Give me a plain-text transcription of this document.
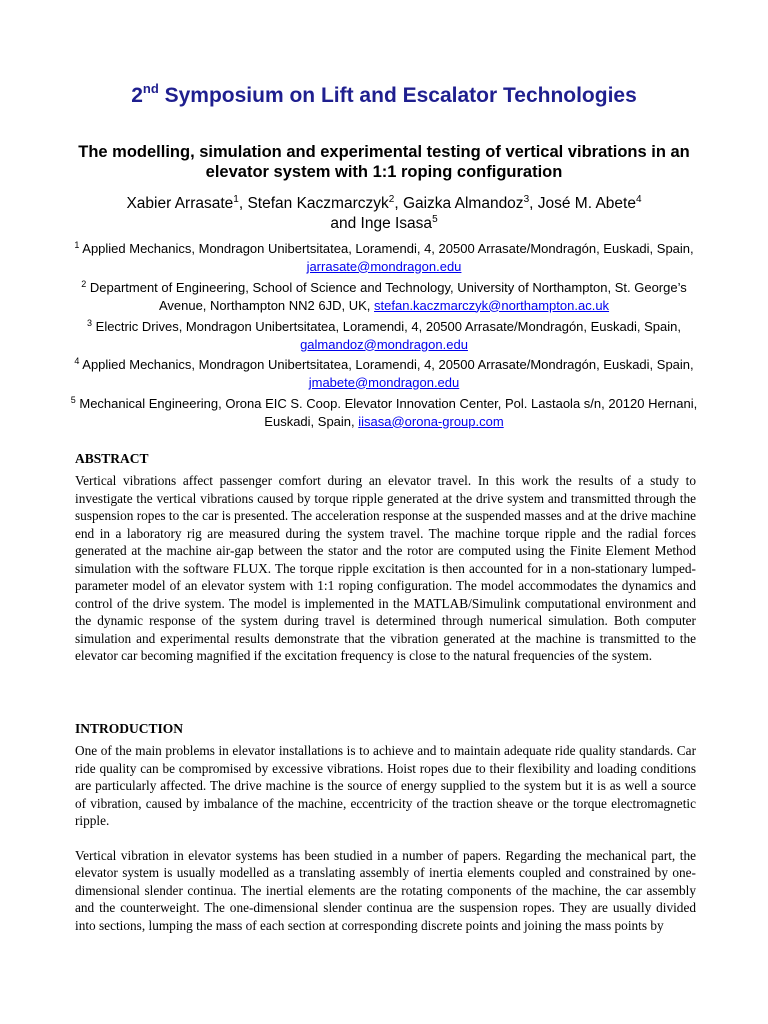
2nd Symposium on Lift and Escalator Technologies
The modelling, simulation and experimental testing of vertical vibrations in an elevator system with 1:1 roping configuration
Xabier Arrasate$^1$, Stefan Kaczmarczyk$^2$, Gaizka Almandoz$^3$, José M. Abete$^4$
and Inge Isasa$^5$
$^1$ Applied Mechanics, Mondragon Unibertsitatea, Loramendi, 4, 20500 Arrasate/Mondragón, Euskadi, Spain, jarrasate@mondragon.edu
$^2$ Department of Engineering, School of Science and Technology, University of Northampton, St. George’s Avenue, Northampton NN2 6JD, UK, stefan.kaczmarczyk@northampton.ac.uk
$^3$ Electric Drives, Mondragon Unibertsitatea, Loramendi, 4, 20500 Arrasate/Mondragón, Euskadi, Spain, galmandoz@mondragon.edu
$^4$ Applied Mechanics, Mondragon Unibertsitatea, Loramendi, 4, 20500 Arrasate/Mondragón, Euskadi, Spain, jmabete@mondragon.edu
$^5$ Mechanical Engineering, Orona EIC S. Coop. Elevator Innovation Center, Pol. Lastaola s/n, 20120 Hernani, Euskadi, Spain, iisasa@orona-group.com
ABSTRACT

Vertical vibrations affect passenger comfort during an elevator travel. In this work the results of a study to investigate the vertical vibrations caused by torque ripple generated at the drive system and transmitted through the suspension ropes to the car is presented. The acceleration response at the suspended masses and at the drive machine end in a laboratory rig are measured during the system travel. The machine torque ripple and the radial forces generated at the machine air-gap between the stator and the rotor are computed using the Finite Element Method simulation with the software FLUX. The torque ripple excitation is then accounted for in a non-stationary lumped-parameter model of an elevator system with 1:1 roping configuration. The model accommodates the dynamics and control of the drive system. The model is implemented in the MATLAB/Simulink computational environment and the dynamic response of the system during travel is determined through numerical simulation. Both computer simulation and experimental results demonstrate that the vibration generated at the machine is transmitted to the elevator car becoming magnified if the excitation frequency is close to the natural frequencies of the system.

INTRODUCTION

One of the main problems in elevator installations is to achieve and to maintain adequate ride quality standards. Car ride quality can be compromised by excessive vibrations. Hoist ropes due to their flexibility and loading conditions are particularly affected. The drive machine is the source of energy supplied to the system but it is as well a source of vibration, caused by imbalance of the machine, eccentricity of the traction sheave or the torque electromagnetic ripple.

Vertical vibration in elevator systems has been studied in a number of papers. Regarding the mechanical part, the elevator system is usually modelled as a translating assembly of inertia elements coupled and constrained by one-dimensional slender continua. The inertial elements are the rotating components of the machine, the car assembly and the counterweight. The one-dimensional slender continua are the suspension ropes. They are usually divided into sections, lumping the mass of each section at corresponding discrete points and joining the mass points by
